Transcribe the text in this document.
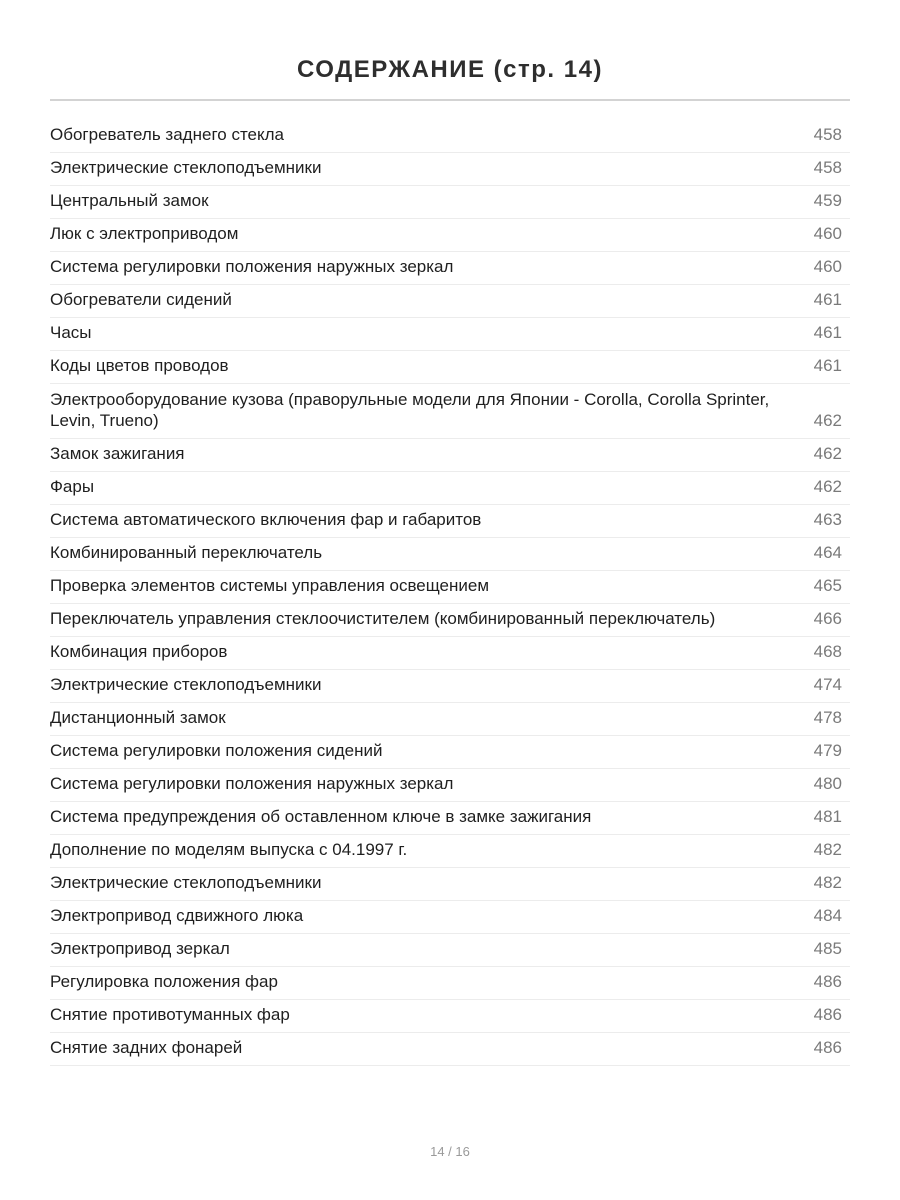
СОДЕРЖАНИЕ (стр. 14)
Обогреватель заднего стекла	458
Электрические стеклоподъемники	458
Центральный замок	459
Люк с электроприводом	460
Система регулировки положения наружных зеркал	460
Обогреватели сидений	461
Часы	461
Коды цветов проводов	461
Электрооборудование кузова (праворульные модели для Японии - Corolla, Corolla Sprinter, Levin, Trueno)	462
Замок зажигания	462
Фары	462
Система автоматического включения фар и габаритов	463
Комбинированный переключатель	464
Проверка элементов системы управления освещением	465
Переключатель управления стеклоочистителем (комбинированный переключатель)	466
Комбинация приборов	468
Электрические стеклоподъемники	474
Дистанционный замок	478
Система регулировки положения сидений	479
Система регулировки положения наружных зеркал	480
Система предупреждения об оставленном ключе в замке зажигания	481
Дополнение по моделям выпуска с 04.1997 г.	482
Электрические стеклоподъемники	482
Электропривод сдвижного люка	484
Электропривод зеркал	485
Регулировка положения фар	486
Снятие противотуманных фар	486
Снятие задних фонарей	486
14 / 16
